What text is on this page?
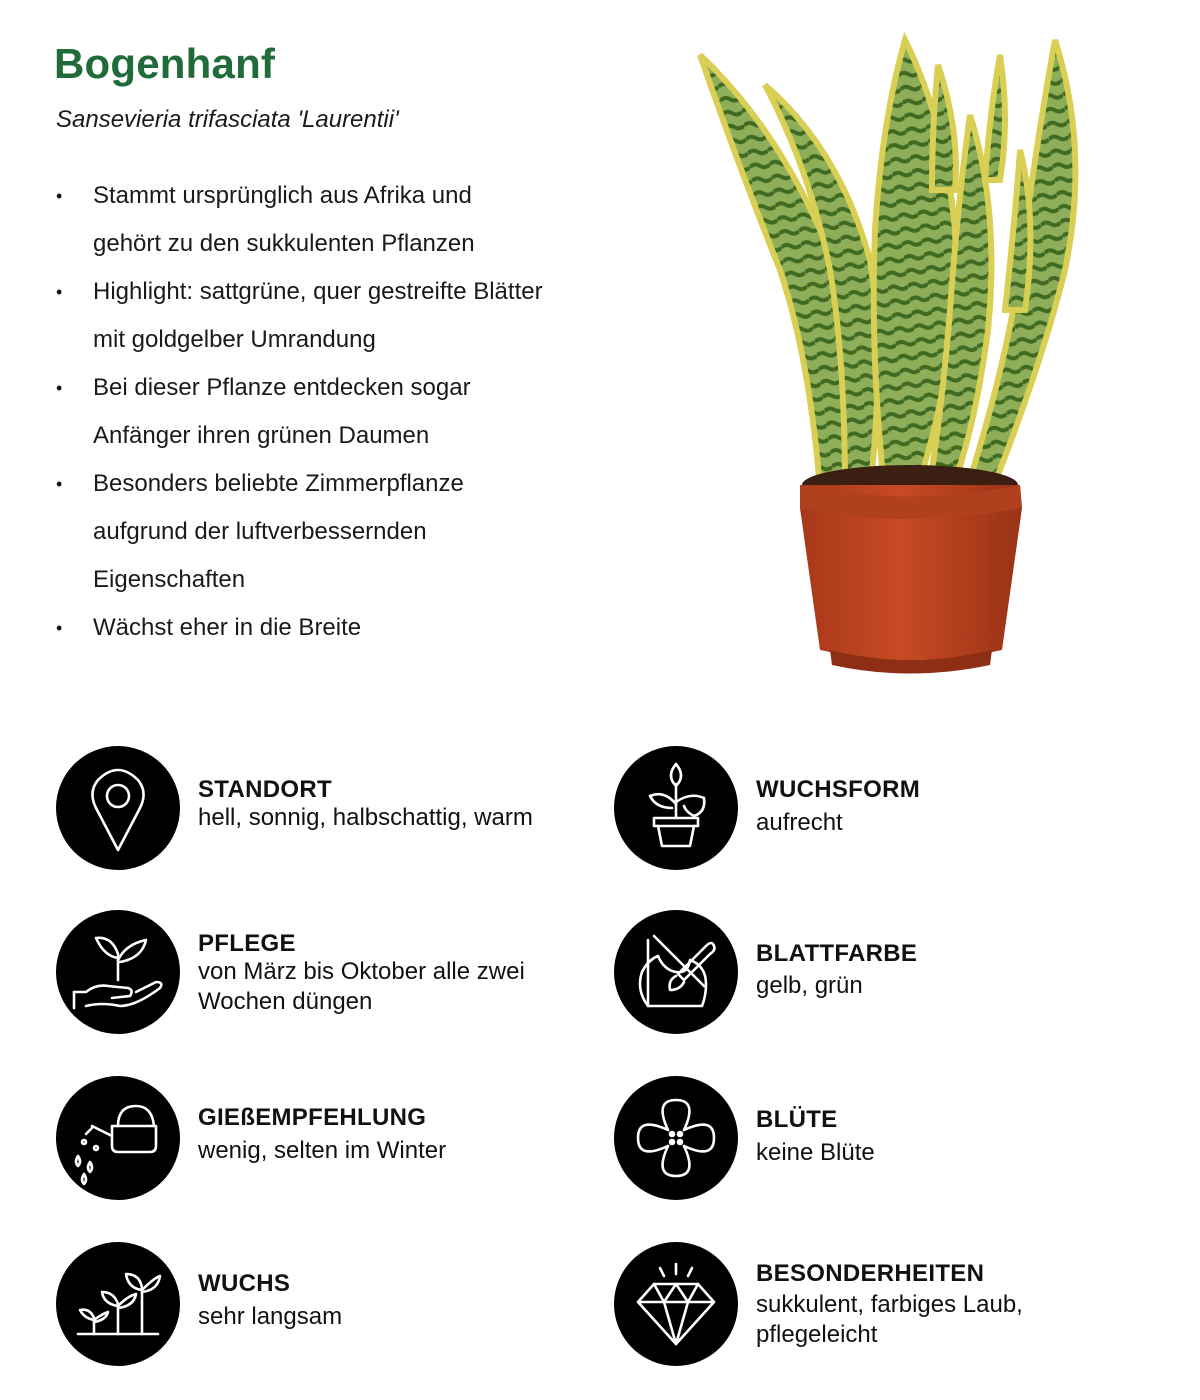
Bogenhanf
Sansevieria trifasciata 'Laurentii'
• Stammt ursprünglich aus Afrika und
gehört zu den sukkulenten Pflanzen
• Highlight: sattgrüne, quer gestreifte Blätter
mit goldgelber Umrandung
• Bei dieser Pflanze entdecken sogar
Anfänger ihren grünen Daumen
• Besonders beliebte Zimmerpflanze
aufgrund der luftverbessernden
Eigenschaften
• Wächst eher in die Breite
STANDORT
hell, sonnig, halbschattig, warm
WUCHSFORM
aufrecht
PFLEGE
von März bis Oktober alle zwei
Wochen düngen
BLATTFARBE
gelb, grün
GIEßEMPFEHLUNG
wenig, selten im Winter
BLÜTE
keine Blüte
WUCHS
sehr langsam
BESONDERHEITEN
sukkulent, farbiges Laub,
pflegeleicht
